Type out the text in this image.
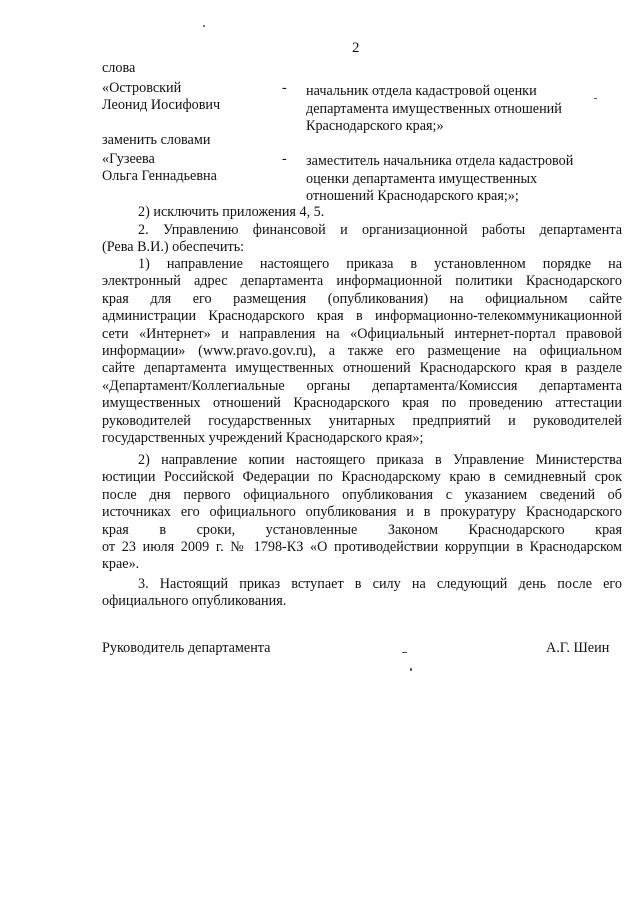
2
слова
«Островский
Леонид Иосифович
- начальник отдела кадастровой оценки
департамента имущественных отношений
Краснодарского края;»
заменить словами
«Гузеева
Ольга Геннадьевна
- заместитель начальника отдела кадастровой
оценки департамента имущественных
отношений Краснодарского края;»;
2) исключить приложения 4, 5.
2. Управлению финансовой и организационной работы департамента
(Рева В.И.) обеспечить:
1) направление настоящего приказа в установленном порядке на
электронный адрес департамента информационной политики Краснодарского
края для его размещения (опубликования) на официальном сайте
администрации Краснодарского края в информационно-телекоммуникационной
сети «Интернет» и направления на «Официальный интернет-портал правовой
информации» (www.pravo.gov.ru), а также его размещение на официальном
сайте департамента имущественных отношений Краснодарского края в разделе
«Департамент/Коллегиальные органы департамента/Комиссия департамента
имущественных отношений Краснодарского края по проведению аттестации
руководителей государственных унитарных предприятий и руководителей
государственных учреждений Краснодарского края»;
2) направление копии настоящего приказа в Управление Министерства
юстиции Российской Федерации по Краснодарскому краю в семидневный срок
после дня первого официального опубликования с указанием сведений об
источниках его официального опубликования и в прокуратуру Краснодарского
края в сроки, установленные Законом Краснодарского края
от 23 июля 2009 г. № 1798-КЗ «О противодействии коррупции в Краснодарском
крае».
3. Настоящий приказ вступает в силу на следующий день после его
официального опубликования.
Руководитель департамента	А.Г. Шеин
